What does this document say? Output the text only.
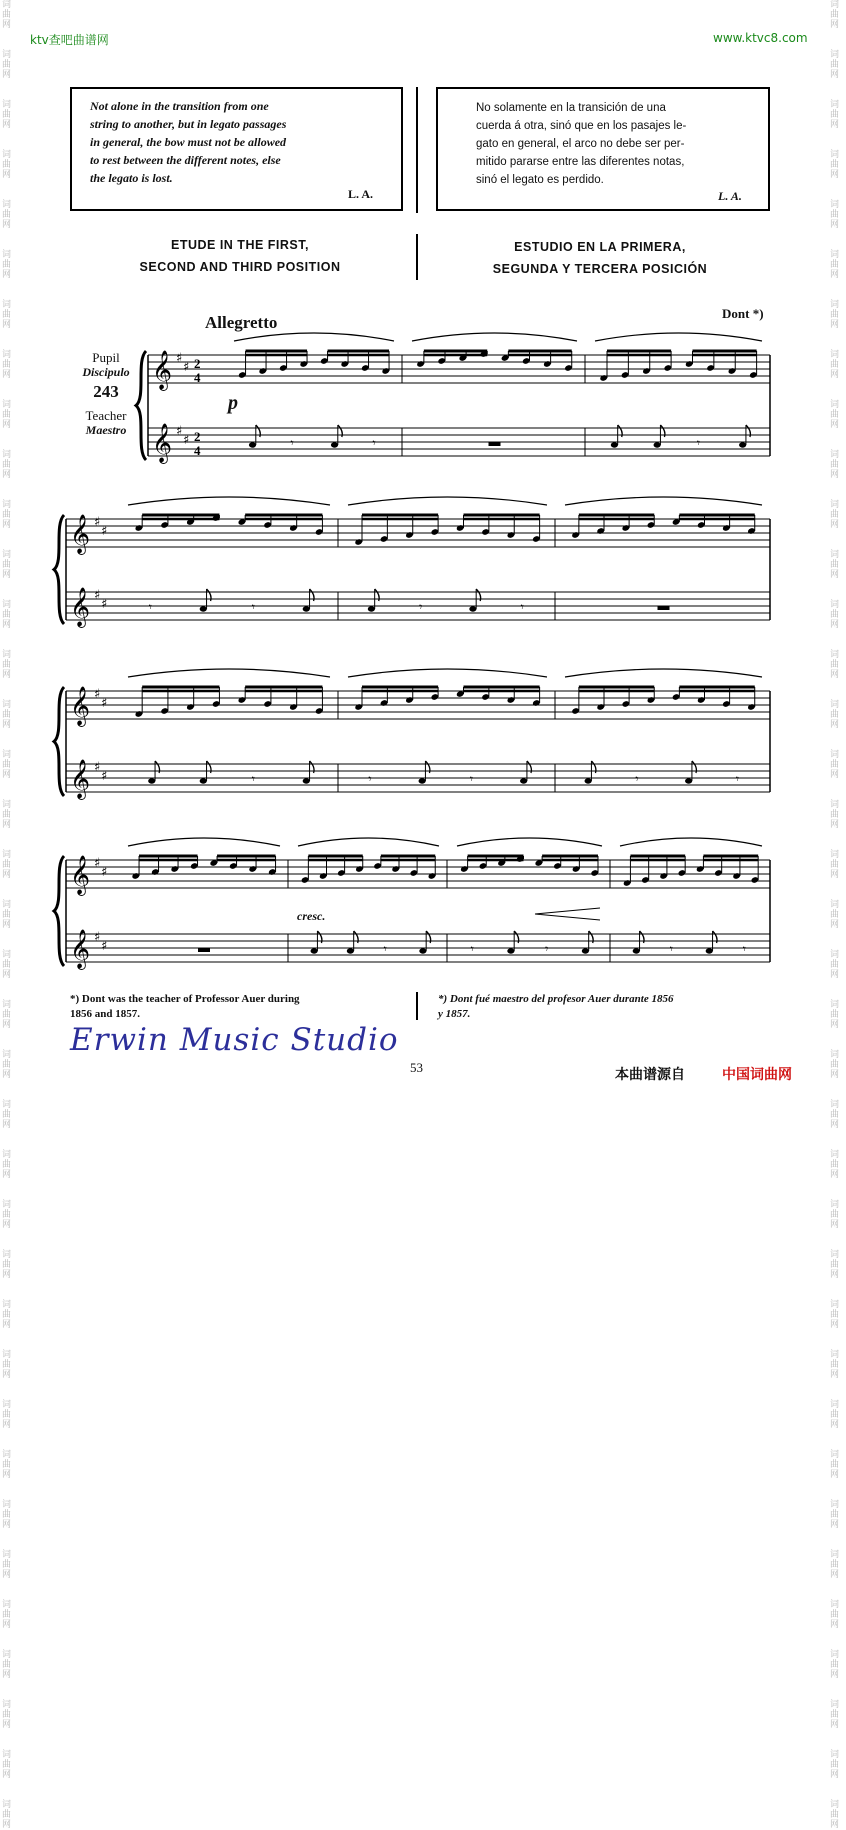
词
曲
网

词
曲
网

词
曲
网

词
曲
网

词
曲
网

词
曲
网

词
曲
网

词
曲
网

词
曲
网

词
曲
网

词
曲
网

词
曲
网

词
曲
网

词
曲
网

词
曲
网

词
曲
网

词
曲
网

词
曲
网

词
曲
网

词
曲
网

词
曲
网

词
曲
网

词
曲
网

词
曲
网

词
曲
网

词
曲
网

词
曲
网

词
曲
网

词
曲
网

词
曲
网

词
曲
网

词
曲
网

词
曲
网

词
曲
网

词
曲
网

词
曲
网

词
曲
网

词
曲
网

词
曲
网

词
曲
网

词
曲
网

词
曲
网

词
曲
网

词
曲
网

词
曲
网

词
曲
网

词
曲
网

词
曲
网

词
曲
网

词
曲
网

词
曲
网

词
曲
网

词
曲
网

词
曲
网

词
曲
网

词
曲
网

词
曲
网

词
曲
网

词
曲
网

词
曲
网

词
曲
网

词
曲
网

词
曲
网

词
曲
网

词
曲
网

词
曲
网

词
曲
网

词
曲
网

词
曲
网

词
曲
网

词
曲
网

词
曲
网

词
曲
网

词
曲
网

ktv查吧曲谱网	www.ktvc8.com
Not alone in the transition from one
string to another, but in legato passages
in general, the bow must not be allowed
to rest between the different notes, else
the legato is lost.
L. A.
No solamente en la transición de una
cuerda á otra, sinó que en los pasajes le-
gato en general, el arco no debe ser per-
mitido pararse entre las diferentes notas,
sinó el legato es perdido.
L. A.
ETUDE IN THE FIRST,
SECOND AND THIRD POSITION
ESTUDIO EN LA PRIMERA,
SEGUNDA Y TERCERA POSICIÓN
Allegretto	Dont *)
Pupil
Discipulo
243
Teacher
Maestro
𝄞 ♯
♯ 2
4
𝄞 ♯
♯ 2
4	𝄾	𝄾	𝄾
𝄞 ♯
♯
𝄞 ♯
♯	𝄾	𝄾	𝄾	𝄾
𝄞 ♯
♯
𝄞 ♯
♯	𝄾	𝄾	𝄾	𝄾	𝄾
𝄞 ♯
♯
𝄞 ♯
♯	𝄾	𝄾	𝄾	𝄾	𝄾
p
cresc.
*) Dont was the teacher of Professor Auer during
1856 and 1857.
*) Dont fué maestro del profesor Auer durante 1856
y 1857.
Erwin Music Studio
53	本曲谱源自	中国词曲网
